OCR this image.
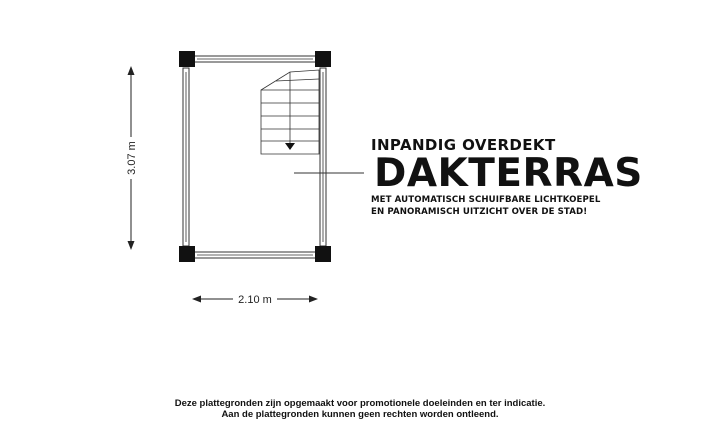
3.07 m
2.10 m
INPANDIG OVERDEKT
DAKTERRAS
MET AUTOMATISCH SCHUIFBARE LICHTKOEPEL
EN PANORAMISCH UITZICHT OVER DE STAD!
Deze plattegronden zijn opgemaakt voor promotionele doeleinden en ter indicatie.
Aan de plattegronden kunnen geen rechten worden ontleend.
